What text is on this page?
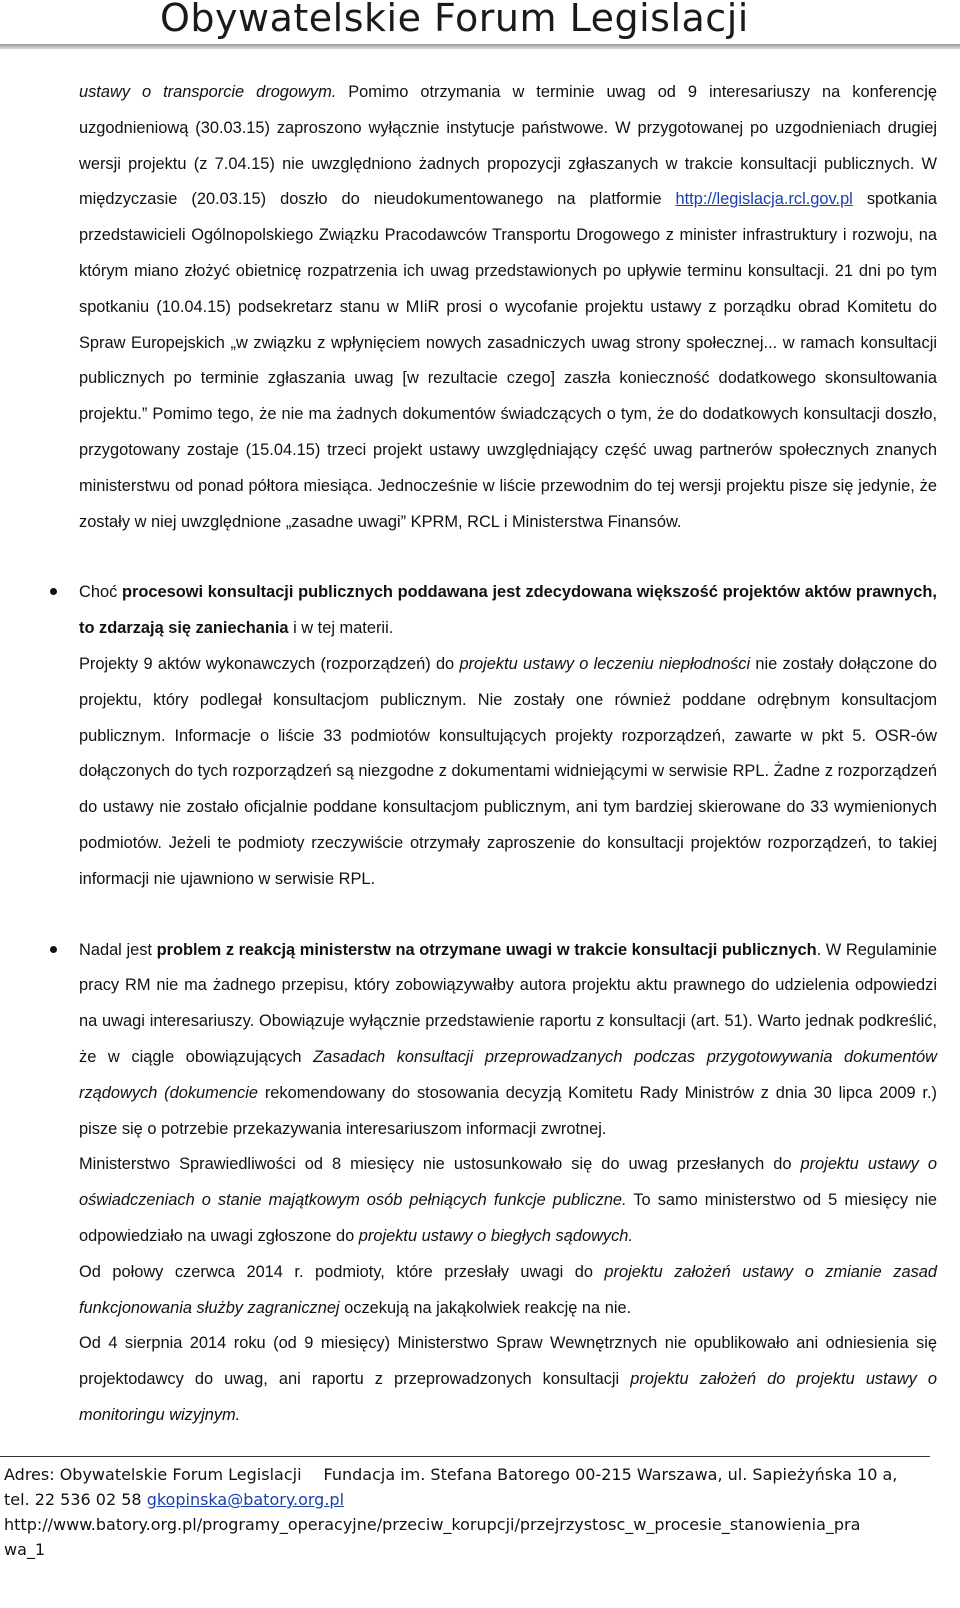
Obywatelskie Forum Legislacji

ustawy o transporcie drogowym. Pomimo otrzymania w terminie uwag od 9 interesariuszy na konferencję uzgodnieniową (30.03.15) zaproszono wyłącznie instytucje państwowe. W przygotowanej po uzgodnieniach drugiej wersji projektu (z 7.04.15) nie uwzględniono żadnych propozycji zgłaszanych w trakcie konsultacji publicznych. W międzyczasie (20.03.15) doszło do nieudokumentowanego na platformie http://legislacja.rcl.gov.pl spotkania przedstawicieli Ogólnopolskiego Związku Pracodawców Transportu Drogowego z minister infrastruktury i rozwoju, na którym miano złożyć obietnicę rozpatrzenia ich uwag przedstawionych po upływie terminu konsultacji. 21 dni po tym spotkaniu (10.04.15) podsekretarz stanu w MIiR prosi o wycofanie projektu ustawy z porządku obrad Komitetu do Spraw Europejskich „w związku z wpłynięciem nowych zasadniczych uwag strony społecznej... w ramach konsultacji publicznych po terminie zgłaszania uwag [w rezultacie czego] zaszła konieczność dodatkowego skonsultowania projektu.” Pomimo tego, że nie ma żadnych dokumentów świadczących o tym, że do dodatkowych konsultacji doszło, przygotowany zostaje (15.04.15) trzeci projekt ustawy uwzględniający część uwag partnerów społecznych znanych ministerstwu od ponad półtora miesiąca. Jednocześnie w liście przewodnim do tej wersji projektu pisze się jedynie, że zostały w niej uwzględnione „zasadne uwagi” KPRM, RCL i Ministerstwa Finansów.

Choć procesowi konsultacji publicznych poddawana jest zdecydowana większość projektów aktów prawnych, to zdarzają się zaniechania i w tej materii.

Projekty 9 aktów wykonawczych (rozporządzeń) do projektu ustawy o leczeniu niepłodności nie zostały dołączone do projektu, który podlegał konsultacjom publicznym. Nie zostały one również poddane odrębnym konsultacjom publicznym. Informacje o liście 33 podmiotów konsultujących projekty rozporządzeń, zawarte w pkt 5. OSR-ów dołączonych do tych rozporządzeń są niezgodne z dokumentami widniejącymi w serwisie RPL. Żadne z rozporządzeń do ustawy nie zostało oficjalnie poddane konsultacjom publicznym, ani tym bardziej skierowane do 33 wymienionych podmiotów. Jeżeli te podmioty rzeczywiście otrzymały zaproszenie do konsultacji projektów rozporządzeń, to takiej informacji nie ujawniono w serwisie RPL.

Nadal jest problem z reakcją ministerstw na otrzymane uwagi w trakcie konsultacji publicznych. W Regulaminie pracy RM nie ma żadnego przepisu, który zobowiązywałby autora projektu aktu prawnego do udzielenia odpowiedzi na uwagi interesariuszy. Obowiązuje wyłącznie przedstawienie raportu z konsultacji (art. 51). Warto jednak podkreślić, że w ciągle obowiązujących Zasadach konsultacji przeprowadzanych podczas przygotowywania dokumentów rządowych (dokumencie rekomendowany do stosowania decyzją Komitetu Rady Ministrów z dnia 30 lipca 2009 r.) pisze się o potrzebie przekazywania interesariuszom informacji zwrotnej.

Ministerstwo Sprawiedliwości od 8 miesięcy nie ustosunkowało się do uwag przesłanych do projektu ustawy o oświadczeniach o stanie majątkowym osób pełniących funkcje publiczne. To samo ministerstwo od 5 miesięcy nie odpowiedziało na uwagi zgłoszone do projektu ustawy o biegłych sądowych.

Od połowy czerwca 2014 r. podmioty, które przesłały uwagi do projektu założeń ustawy o zmianie zasad funkcjonowania służby zagranicznej oczekują na jakąkolwiek reakcję na nie.

Od 4 sierpnia 2014 roku (od 9 miesięcy) Ministerstwo Spraw Wewnętrznych nie opublikowało ani odniesienia się projektodawcy do uwag, ani raportu z przeprowadzonych konsultacji projektu założeń do projektu ustawy o monitoringu wizyjnym.

Adres: Obywatelskie Forum Legislacji Fundacja im. Stefana Batorego 00-215 Warszawa, ul. Sapieżyńska 10 a,
tel. 22 536 02 58 gkopinska@batory.org.pl
http://www.batory.org.pl/programy_operacyjne/przeciw_korupcji/przejrzystosc_w_procesie_stanowienia_pra
wa_1
